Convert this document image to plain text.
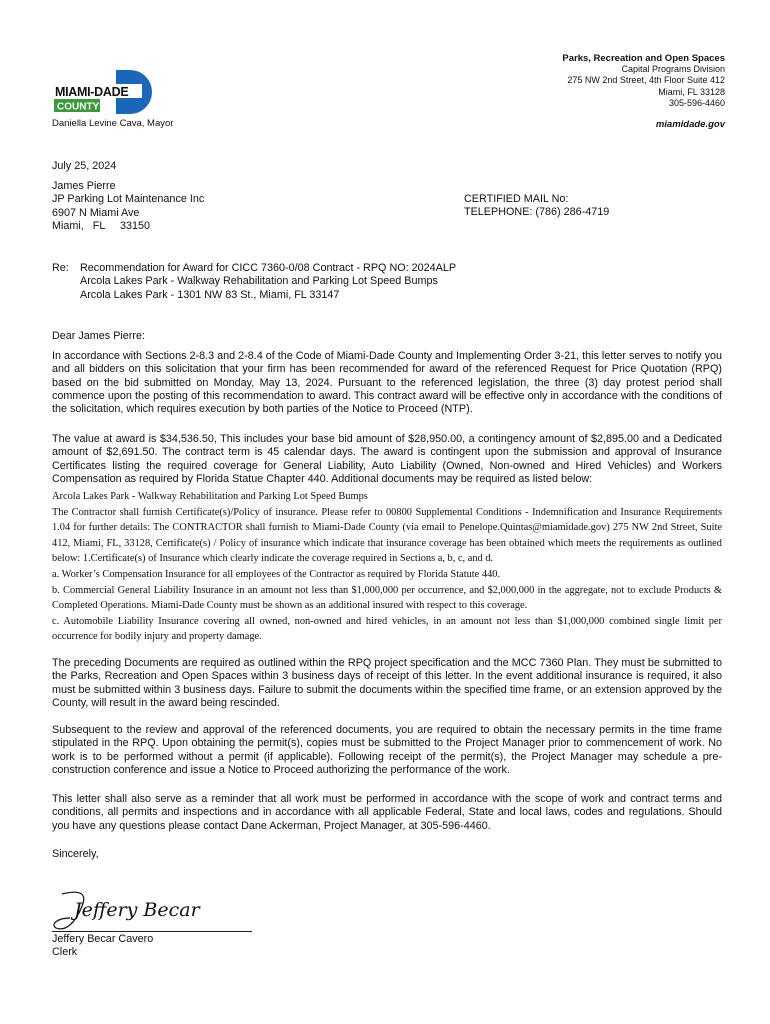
MIAMI-DADE
COUNTY
Daniella Levine Cava, Mayor
Parks, Recreation and Open Spaces
Capital Programs Division
275 NW 2nd Street, 4th Floor Suite 412
Miami, FL 33128
305-596-4460
miamidade.gov
July 25, 2024
James Pierre
JP Parking Lot Maintenance Inc
6907 N Miami Ave
Miami,   FL     33150
CERTIFIED MAIL No:
TELEPHONE: (786) 286-4719
Re: Recommendation for Award for CICC 7360-0/08 Contract - RPQ NO: 2024ALP
Arcola Lakes Park - Walkway Rehabilitation and Parking Lot Speed Bumps
Arcola Lakes Park - 1301 NW 83 St., Miami, FL 33147
Dear James Pierre:
In accordance with Sections 2-8.3 and 2-8.4 of the Code of Miami-Dade County and Implementing Order 3-21, this letter serves to notify you and all bidders on this solicitation that your firm has been recommended for award of the referenced Request for Price Quotation (RPQ) based on the bid submitted on Monday, May 13, 2024. Pursuant to the referenced legislation, the three (3) day protest period shall commence upon the posting of this recommendation to award. This contract award will be effective only in accordance with the conditions of the solicitation, which requires execution by both parties of the Notice to Proceed (NTP).
The value at award is $34,536.50, This includes your base bid amount of $28,950.00, a contingency amount of $2,895.00 and a Dedicated amount of $2,691.50. The contract term is 45 calendar days. The award is contingent upon the submission and approval of Insurance Certificates listing the required coverage for General Liability, Auto Liability (Owned, Non-owned and Hired Vehicles) and Workers Compensation as required by Florida Statue Chapter 440. Additional documents may be required as listed below:
Arcola Lakes Park - Walkway Rehabilitation and Parking Lot Speed Bumps
The Contractor shall furnish Certificate(s)/Policy of insurance. Please refer to 00800 Supplemental Conditions - Indemnification and Insurance Requirements 1.04 for further details: The CONTRACTOR shall furnish to Miami-Dade County (via email to Penelope.Quintas@miamidade.gov) 275 NW 2nd Street, Suite 412, Miami, FL, 33128, Certificate(s) / Policy of insurance which indicate that insurance coverage has been obtained which meets the requirements as outlined below: 1.Certificate(s) of Insurance which clearly indicate the coverage required in Sections a, b, c, and d.
a. Worker’s Compensation Insurance for all employees of the Contractor as required by Florida Statute 440.
b. Commercial General Liability Insurance in an amount not less than $1,000,000 per occurrence, and $2,000,000 in the aggregate, not to exclude Products & Completed Operations. Miami-Dade County must be shown as an additional insured with respect to this coverage.
c. Automobile Liability Insurance covering all owned, non-owned and hired vehicles, in an amount not less than $1,000,000 combined single limit per occurrence for bodily injury and property damage.
The preceding Documents are required as outlined within the RPQ project specification and the MCC 7360 Plan. They must be submitted to the Parks, Recreation and Open Spaces within 3 business days of receipt of this letter. In the event additional insurance is required, it also must be submitted within 3 business days. Failure to submit the documents within the specified time frame, or an extension approved by the County, will result in the award being rescinded.
Subsequent to the review and approval of the referenced documents, you are required to obtain the necessary permits in the time frame stipulated in the RPQ. Upon obtaining the permit(s), copies must be submitted to the Project Manager prior to commencement of work. No work is to be performed without a permit (if applicable). Following receipt of the permit(s), the Project Manager may schedule a pre-construction conference and issue a Notice to Proceed authorizing the performance of the work.
This letter shall also serve as a reminder that all work must be performed in accordance with the scope of work and contract terms and conditions, all permits and inspections and in accordance with all applicable Federal, State and local laws, codes and regulations. Should you have any questions please contact Dane Ackerman, Project Manager, at 305-596-4460.
Sincerely,
Jeffery Becar
Jeffery Becar Cavero
Clerk
